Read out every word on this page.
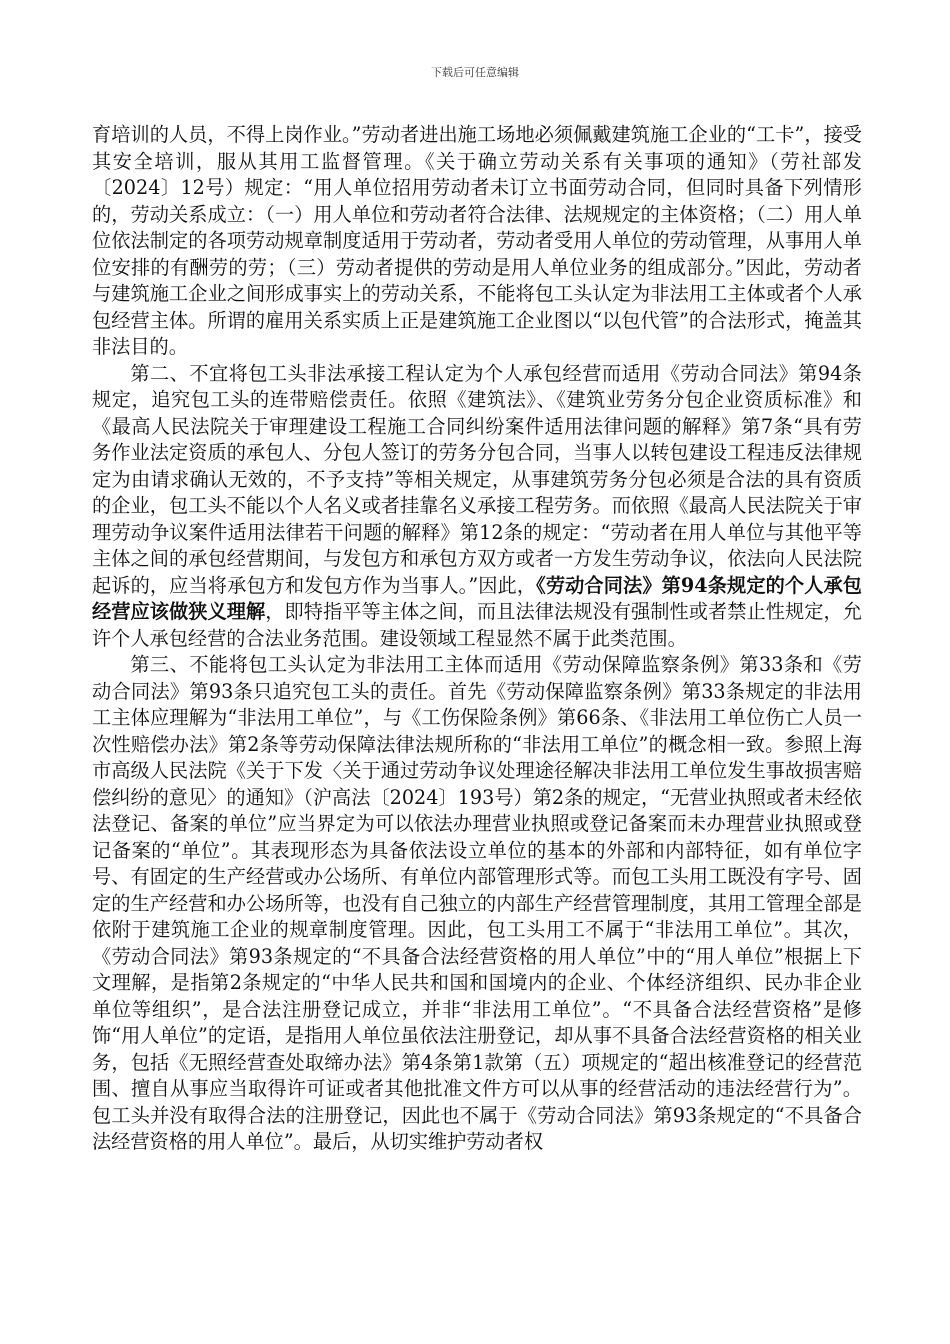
下载后可任意编辑

育培训的人员，不得上岗作业。”劳动者进出施工场地必须佩戴建筑施工企业的“工卡”，接受其安全培训，服从其用工监督管理。《关于确立劳动关系有关事项的通知》（劳社部发〔2024〕12号）规定：“用人单位招用劳动者未订立书面劳动合同，但同时具备下列情形的，劳动关系成立：（一）用人单位和劳动者符合法律、法规规定的主体资格；（二）用人单位依法制定的各项劳动规章制度适用于劳动者，劳动者受用人单位的劳动管理，从事用人单位安排的有酬劳的劳；（三）劳动者提供的劳动是用人单位业务的组成部分。”因此，劳动者与建筑施工企业之间形成事实上的劳动关系，不能将包工头认定为非法用工主体或者个人承包经营主体。所谓的雇用关系实质上正是建筑施工企业图以“以包代管”的合法形式，掩盖其非法目的。

第二、不宜将包工头非法承接工程认定为个人承包经营而适用《劳动合同法》第94条规定，追究包工头的连带赔偿责任。依照《建筑法》、《建筑业劳务分包企业资质标准》和《最高人民法院关于审理建设工程施工合同纠纷案件适用法律问题的解释》第7条“具有劳务作业法定资质的承包人、分包人签订的劳务分包合同，当事人以转包建设工程违反法律规定为由请求确认无效的，不予支持”等相关规定，从事建筑劳务分包必须是合法的具有资质的企业，包工头不能以个人名义或者挂靠名义承接工程劳务。而依照《最高人民法院关于审理劳动争议案件适用法律若干问题的解释》第12条的规定：“劳动者在用人单位与其他平等主体之间的承包经营期间，与发包方和承包方双方或者一方发生劳动争议，依法向人民法院起诉的，应当将承包方和发包方作为当事人。”因此，《劳动合同法》第94条规定的个人承包经营应该做狭义理解，即特指平等主体之间，而且法律法规没有强制性或者禁止性规定，允许个人承包经营的合法业务范围。建设领域工程显然不属于此类范围。

第三、不能将包工头认定为非法用工主体而适用《劳动保障监察条例》第33条和《劳动合同法》第93条只追究包工头的责任。首先《劳动保障监察条例》第33条规定的非法用工主体应理解为“非法用工单位”，与《工伤保险条例》第66条、《非法用工单位伤亡人员一次性赔偿办法》第2条等劳动保障法律法规所称的“非法用工单位”的概念相一致。参照上海市高级人民法院《关于下发〈关于通过劳动争议处理途径解决非法用工单位发生事故损害赔偿纠纷的意见〉的通知》（沪高法〔2024〕193号）第2条的规定，“无营业执照或者未经依法登记、备案的单位”应当界定为可以依法办理营业执照或登记备案而未办理营业执照或登记备案的“单位”。其表现形态为具备依法设立单位的基本的外部和内部特征，如有单位字号、有固定的生产经营或办公场所、有单位内部管理形式等。而包工头用工既没有字号、固定的生产经营和办公场所等，也没有自己独立的内部生产经营管理制度，其用工管理全部是依附于建筑施工企业的规章制度管理。因此，包工头用工不属于“非法用工单位”。其次，《劳动合同法》第93条规定的“不具备合法经营资格的用人单位”中的“用人单位”根据上下文理解，是指第2条规定的“中华人民共和国和国境内的企业、个体经济组织、民办非企业单位等组织”，是合法注册登记成立，并非“非法用工单位”。“不具备合法经营资格”是修饰“用人单位”的定语，是指用人单位虽依法注册登记，却从事不具备合法经营资格的相关业务，包括《无照经营查处取缔办法》第4条第1款第（五）项规定的“超出核准登记的经营范围、擅自从事应当取得许可证或者其他批准文件方可以从事的经营活动的违法经营行为”。包工头并没有取得合法的注册登记，因此也不属于《劳动合同法》第93条规定的“不具备合法经营资格的用人单位”。最后，从切实维护劳动者权
